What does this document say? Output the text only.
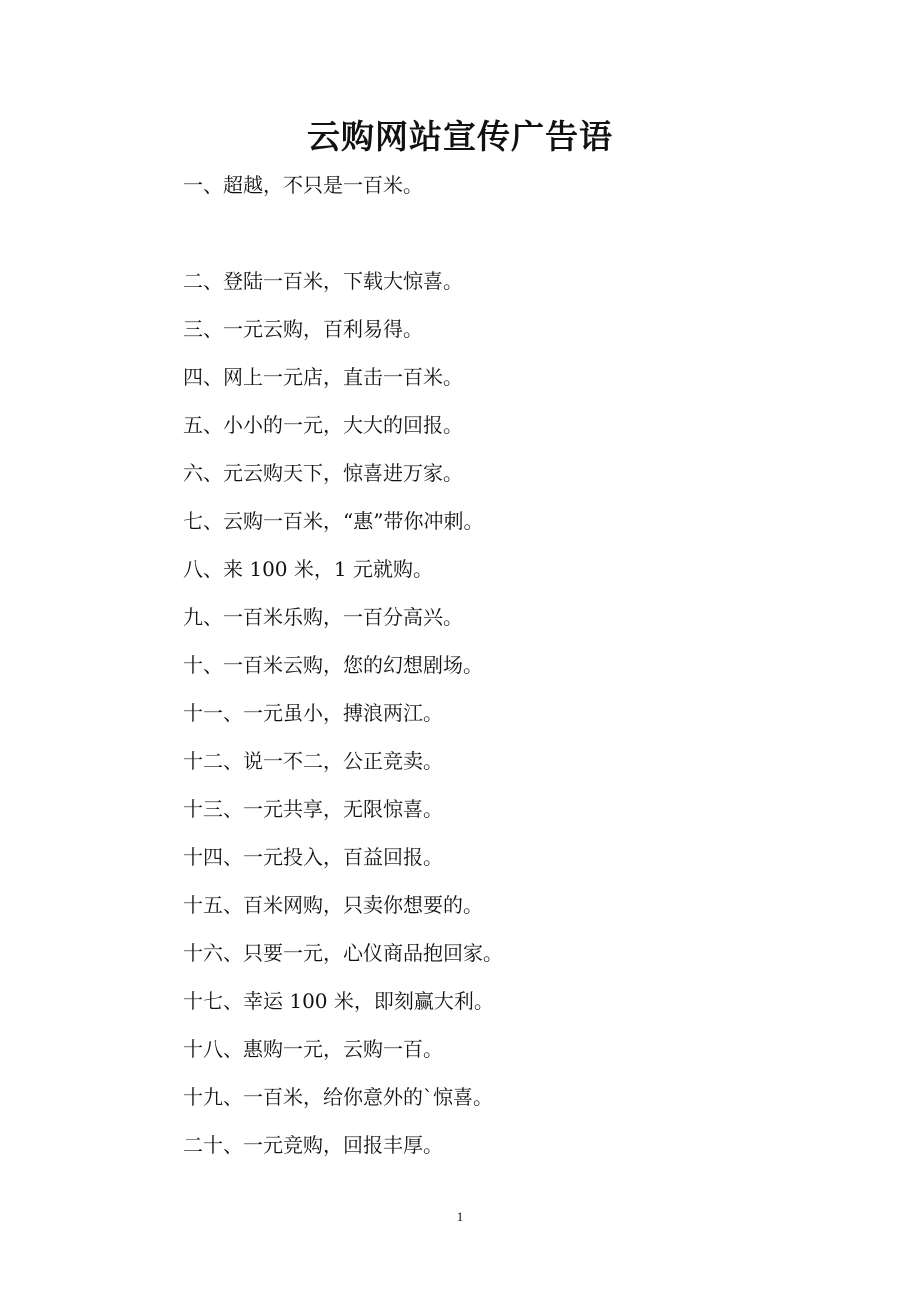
云购网站宣传广告语
一、超越，不只是一百米。
二、登陆一百米，下载大惊喜。
三、一元云购，百利易得。
四、网上一元店，直击一百米。
五、小小的一元，大大的回报。
六、元云购天下，惊喜进万家。
七、云购一百米，“惠”带你冲刺。
八、来 100 米，1 元就购。
九、一百米乐购，一百分高兴。
十、一百米云购，您的幻想剧场。
十一、一元虽小，搏浪两江。
十二、说一不二，公正竞卖。
十三、一元共享，无限惊喜。
十四、一元投入，百益回报。
十五、百米网购，只卖你想要的。
十六、只要一元，心仪商品抱回家。
十七、幸运 100 米，即刻赢大利。
十八、惠购一元，云购一百。
十九、一百米，给你意外的`惊喜。
二十、一元竞购，回报丰厚。
1
